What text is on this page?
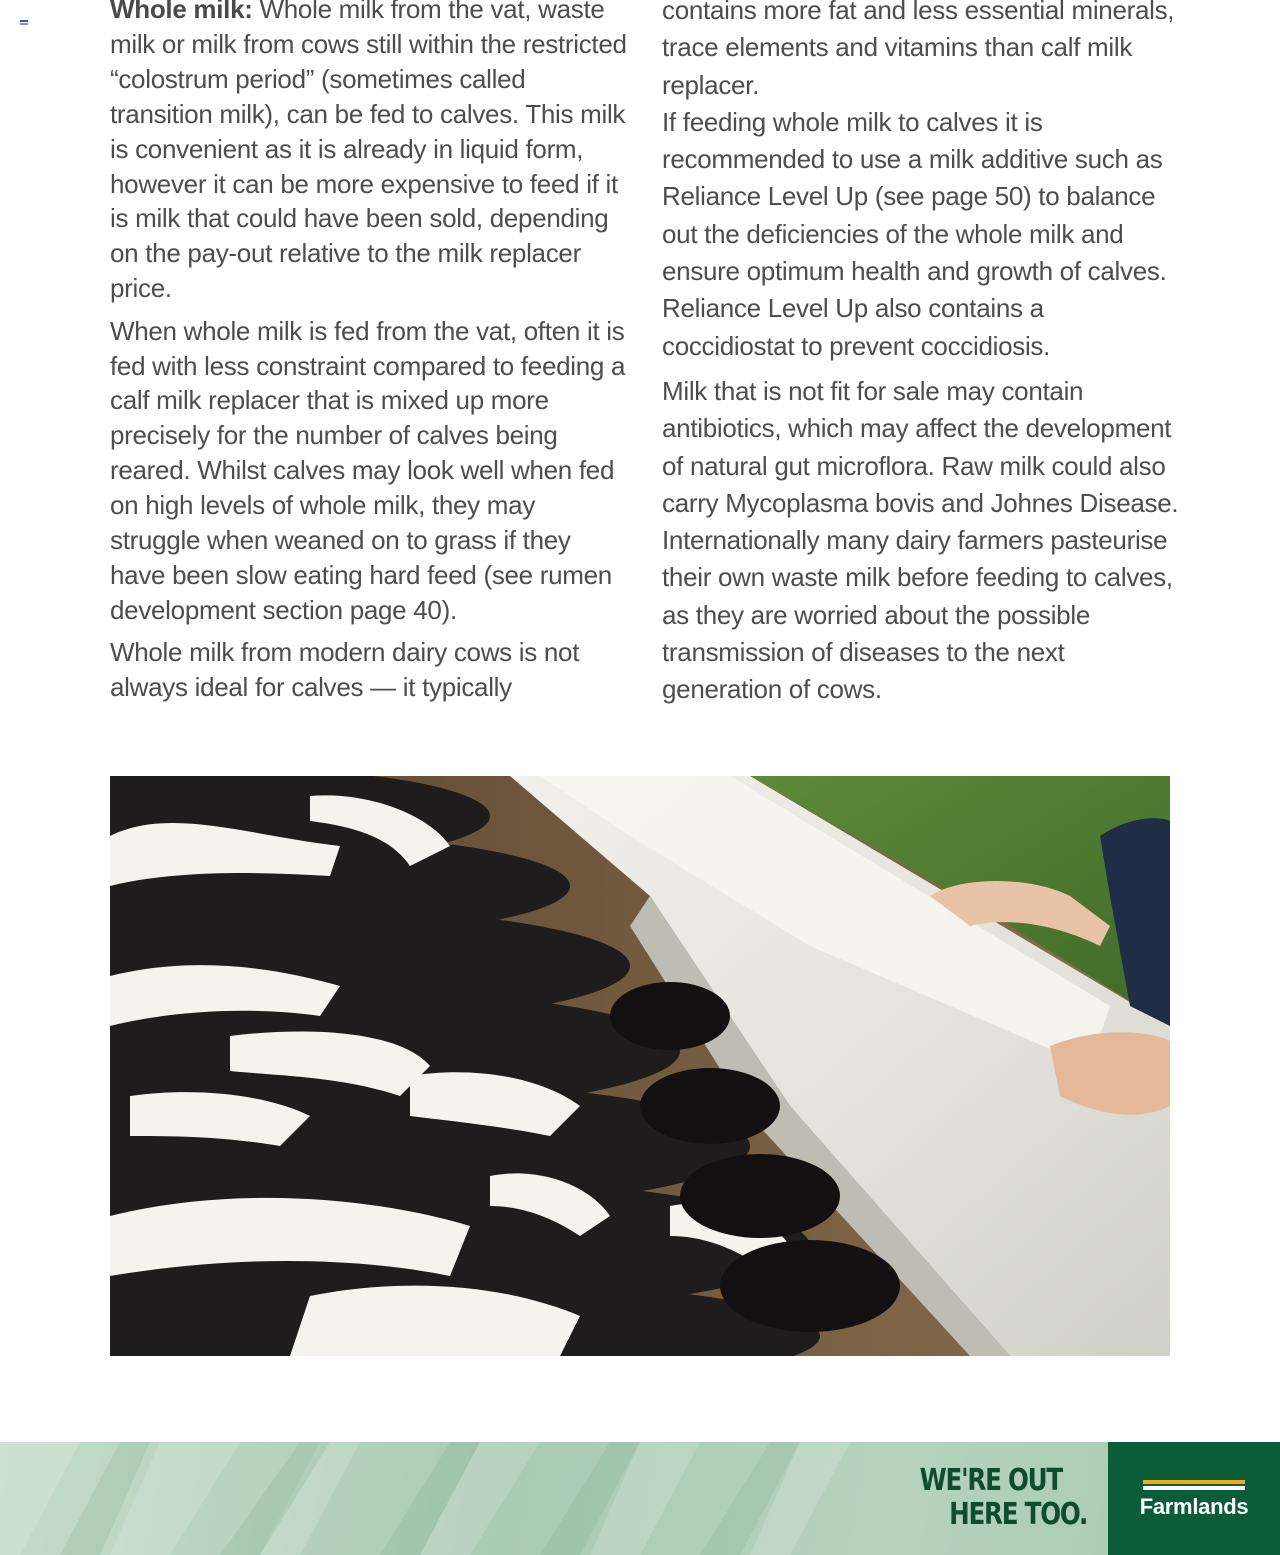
Whole milk: Whole milk from the vat, waste milk or milk from cows still within the restricted “colostrum period” (sometimes called transition milk), can be fed to calves. This milk is convenient as it is already in liquid form, however it can be more expensive to feed if it is milk that could have been sold, depending on the pay-out relative to the milk replacer price.

When whole milk is fed from the vat, often it is fed with less constraint compared to feeding a calf milk replacer that is mixed up more precisely for the number of calves being reared. Whilst calves may look well when fed on high levels of whole milk, they may struggle when weaned on to grass if they have been slow eating hard feed (see rumen development section page 40).

Whole milk from modern dairy cows is not always ideal for calves — it typically

contains more fat and less essential minerals, trace elements and vitamins than calf milk replacer.

If feeding whole milk to calves it is recommended to use a milk additive such as Reliance Level Up (see page 50) to balance out the deficiencies of the whole milk and ensure optimum health and growth of calves. Reliance Level Up also contains a coccidiostat to prevent coccidiosis.

Milk that is not fit for sale may contain antibiotics, which may affect the development of natural gut microflora. Raw milk could also carry Mycoplasma bovis and Johnes Disease. Internationally many dairy farmers pasteurise their own waste milk before feeding to calves, as they are worried about the possible transmission of diseases to the next generation of cows.

WE'RE OUT
HERE TOO.	Farmlands
